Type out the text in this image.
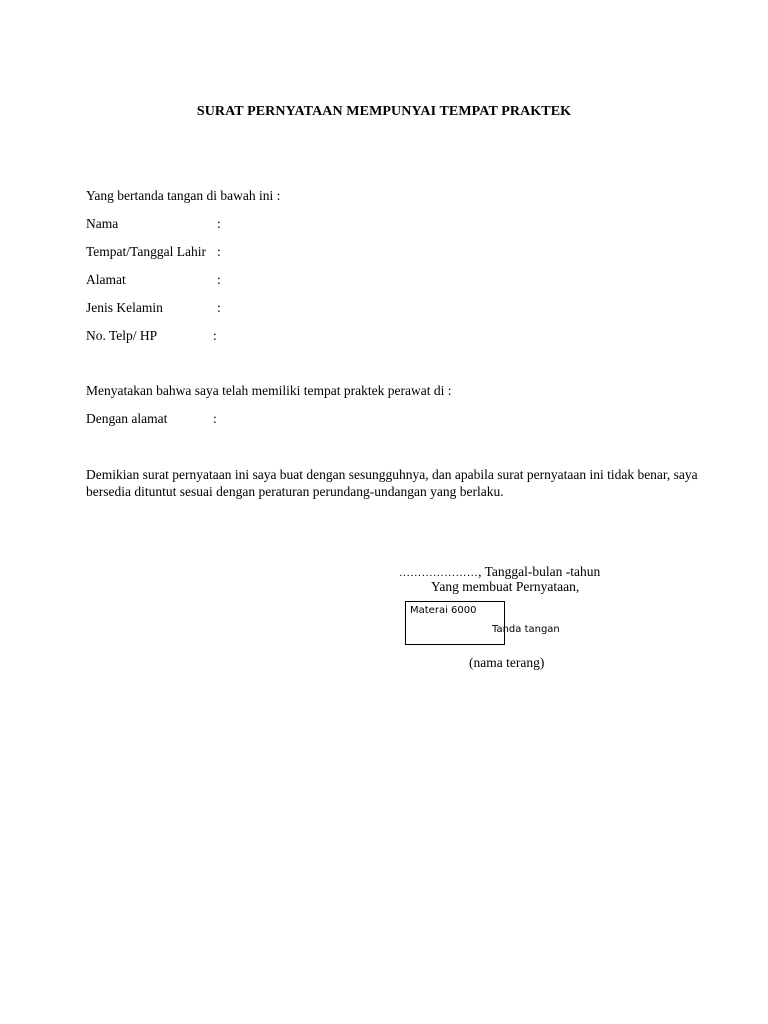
SURAT PERNYATAAN MEMPUNYAI TEMPAT PRAKTEK
Yang bertanda tangan di bawah ini :
Nama	:
Tempat/Tanggal Lahir :
Alamat	:
Jenis Kelamin	:
No. Telp/ HP	:
Menyatakan bahwa saya telah memiliki tempat praktek perawat di :
Dengan alamat	:
Demikian surat pernyataan ini saya buat dengan sesungguhnya, dan apabila surat pernyataan ini tidak benar, saya bersedia dituntut sesuai dengan peraturan perundang-undangan yang berlaku.
…………………, Tanggal-bulan -tahun
Yang membuat Pernyataan,
Materai 6000
Tanda tangan
(nama terang)
